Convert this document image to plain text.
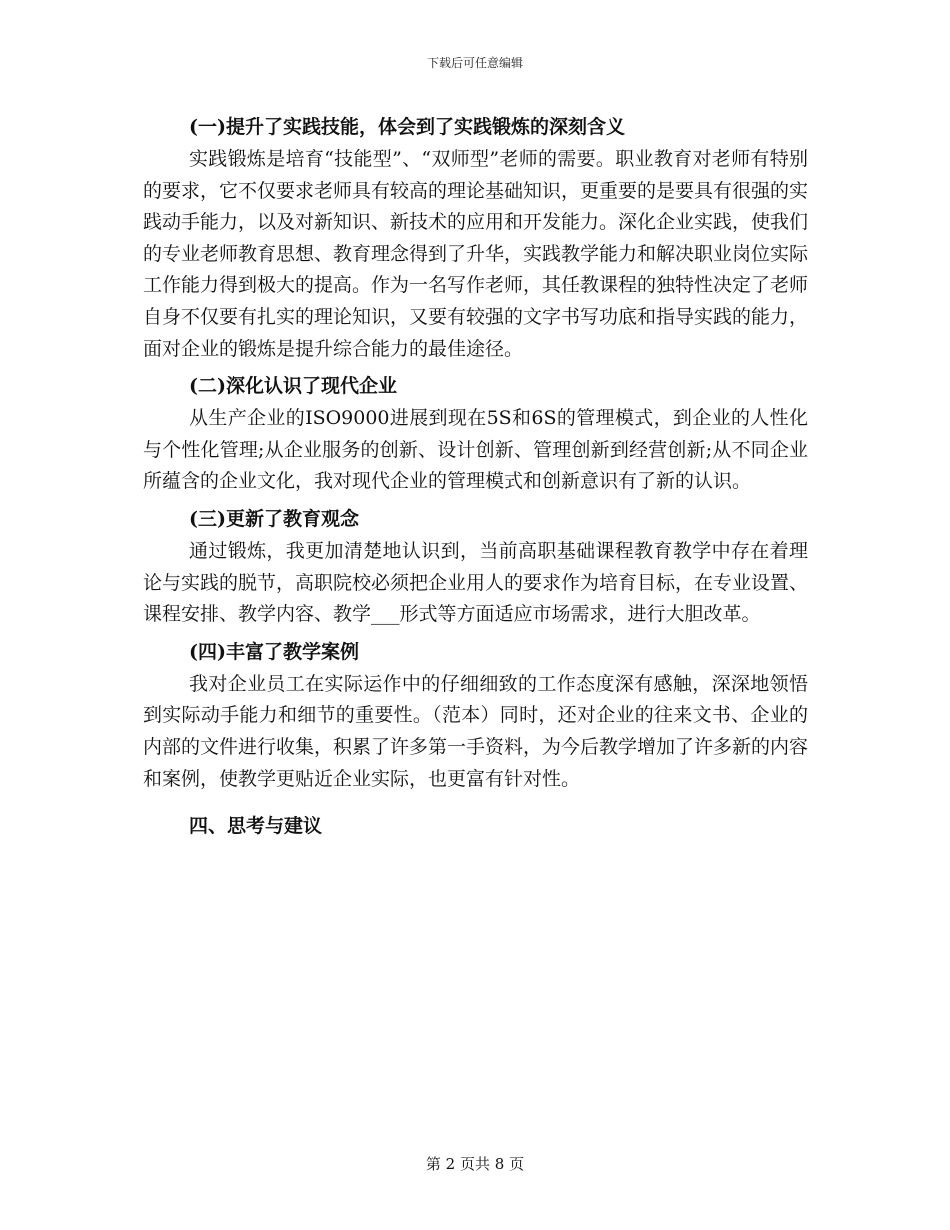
下载后可任意编辑

(一)提升了实践技能，体会到了实践锻炼的深刻含义

实践锻炼是培育“技能型”、“双师型”老师的需要。职业教育对老师有特别的要求，它不仅要求老师具有较高的理论基础知识，更重要的是要具有很强的实践动手能力，以及对新知识、新技术的应用和开发能力。深化企业实践，使我们的专业老师教育思想、教育理念得到了升华，实践教学能力和解决职业岗位实际工作能力得到极大的提高。作为一名写作老师，其任教课程的独特性决定了老师自身不仅要有扎实的理论知识，又要有较强的文字书写功底和指导实践的能力，面对企业的锻炼是提升综合能力的最佳途径。

(二)深化认识了现代企业

从生产企业的ISO9000进展到现在5S和6S的管理模式，到企业的人性化与个性化管理;从企业服务的创新、设计创新、管理创新到经营创新;从不同企业所蕴含的企业文化，我对现代企业的管理模式和创新意识有了新的认识。

(三)更新了教育观念

通过锻炼，我更加清楚地认识到，当前高职基础课程教育教学中存在着理论与实践的脱节，高职院校必须把企业用人的要求作为培育目标，在专业设置、课程安排、教学内容、教学___形式等方面适应市场需求，进行大胆改革。

(四)丰富了教学案例

我对企业员工在实际运作中的仔细细致的工作态度深有感触，深深地领悟到实际动手能力和细节的重要性。（范本）同时，还对企业的往来文书、企业的内部的文件进行收集，积累了许多第一手资料，为今后教学增加了许多新的内容和案例，使教学更贴近企业实际，也更富有针对性。

四、思考与建议

第 2 页共 8 页
